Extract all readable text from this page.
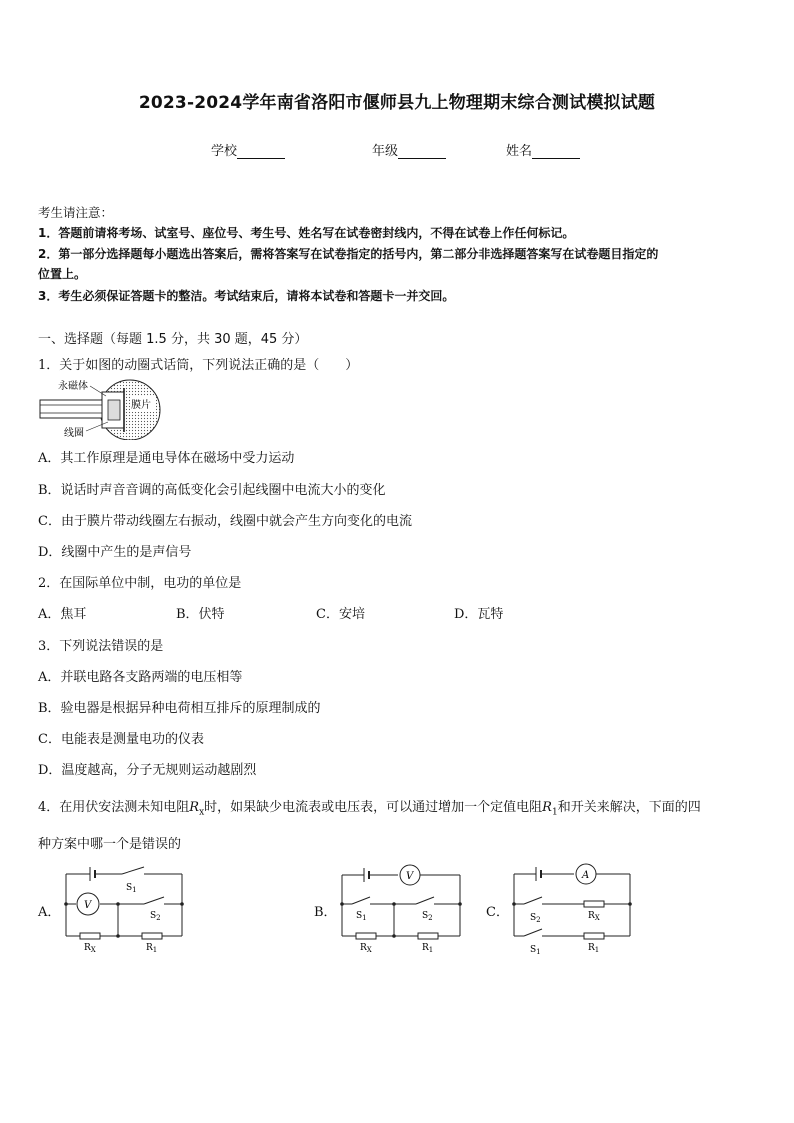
2023-2024学年南省洛阳市偃师县九上物理期末综合测试模拟试题
学校	年级	姓名
考生请注意：
1．答题前请将考场、试室号、座位号、考生号、姓名写在试卷密封线内，不得在试卷上作任何标记。
2．第一部分选择题每小题选出答案后，需将答案写在试卷指定的括号内，第二部分非选择题答案写在试卷题目指定的
位置上。
3．考生必须保证答题卡的整洁。考试结束后，请将本试卷和答题卡一并交回。
一、选择题（每题 1.5 分，共 30 题，45 分）
1．关于如图的动圈式话筒，下列说法正确的是（　　）
永磁体
膜片
线圈
A．其工作原理是通电导体在磁场中受力运动
B．说话时声音音调的高低变化会引起线圈中电流大小的变化
C．由于膜片带动线圈左右振动，线圈中就会产生方向变化的电流
D．线圈中产生的是声信号
2．在国际单位中制，电功的单位是
A．焦耳	B．伏特	C．安培	D．瓦特
3．下列说法错误的是
A．并联电路各支路两端的电压相等
B．验电器是根据异种电荷相互排斥的原理制成的
C．电能表是测量电功的仪表
D．温度越高，分子无规则运动越剧烈
4．在用伏安法测未知电阻$R_x$时，如果缺少电流表或电压表，可以通过增加一个定值电阻$R_1$和开关来解决，下面的四
种方案中哪一个是错误的
A． V
$S_1$
$S_2$
$R_X$	$R_1$
B．
V
$S_1$	$S_2$
$R_X$	$R_1$
C．
A
$S_2$	$R_X$
$S_1$	$R_1$
